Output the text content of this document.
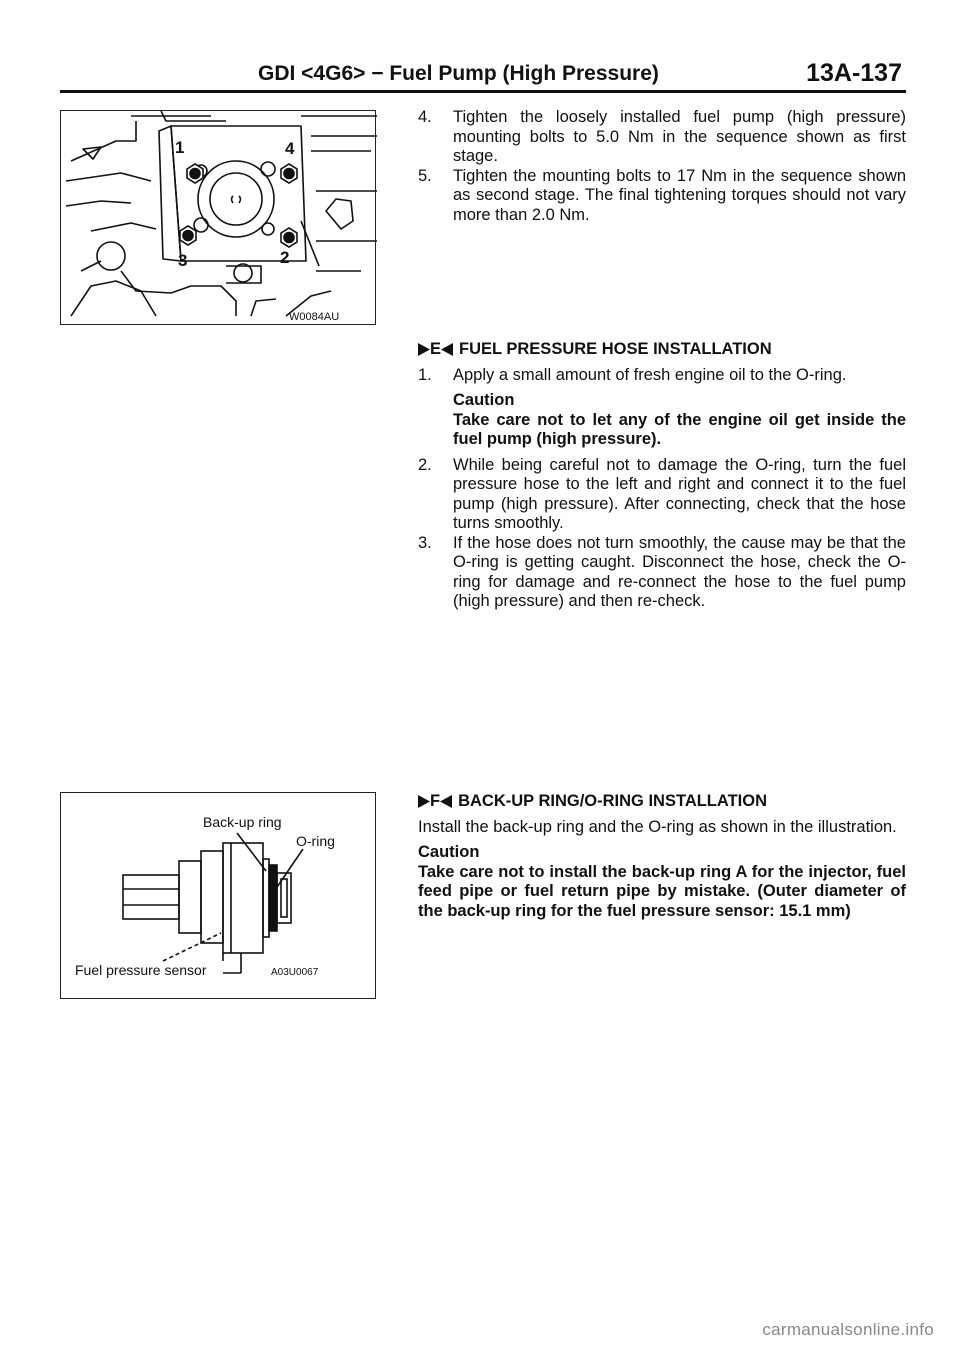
GDI <4G6> − Fuel Pump (High Pressure)	13A-137
1	4
3	2
W0084AU
Back-up ring
O-ring
Fuel pressure sensor	A03U0067
4.	Tighten the loosely installed fuel pump (high pressure) mounting bolts to 5.0 Nm in the sequence shown as first stage.
5.	Tighten the mounting bolts to 17 Nm in the sequence shown as second stage. The final tightening torques should not vary more than 2.0 Nm.
E FUEL PRESSURE HOSE INSTALLATION
1.	Apply a small amount of fresh engine oil to the O-ring.
Caution
Take care not to let any of the engine oil get inside the fuel pump (high pressure).
2.	While being careful not to damage the O-ring, turn the fuel pressure hose to the left and right and connect it to the fuel pump (high pressure). After connecting, check that the hose turns smoothly.
3.	If the hose does not turn smoothly, the cause may be that the O-ring is getting caught. Disconnect the hose, check the O-ring for damage and re-connect the hose to the fuel pump (high pressure) and then re-check.
F BACK-UP RING/O-RING INSTALLATION
Install the back-up ring and the O-ring as shown in the illustration.
Caution
Take care not to install the back-up ring A for the injector, fuel feed pipe or fuel return pipe by mistake. (Outer diameter of the back-up ring for the fuel pressure sensor: 15.1 mm)
carmanualsonline.info
